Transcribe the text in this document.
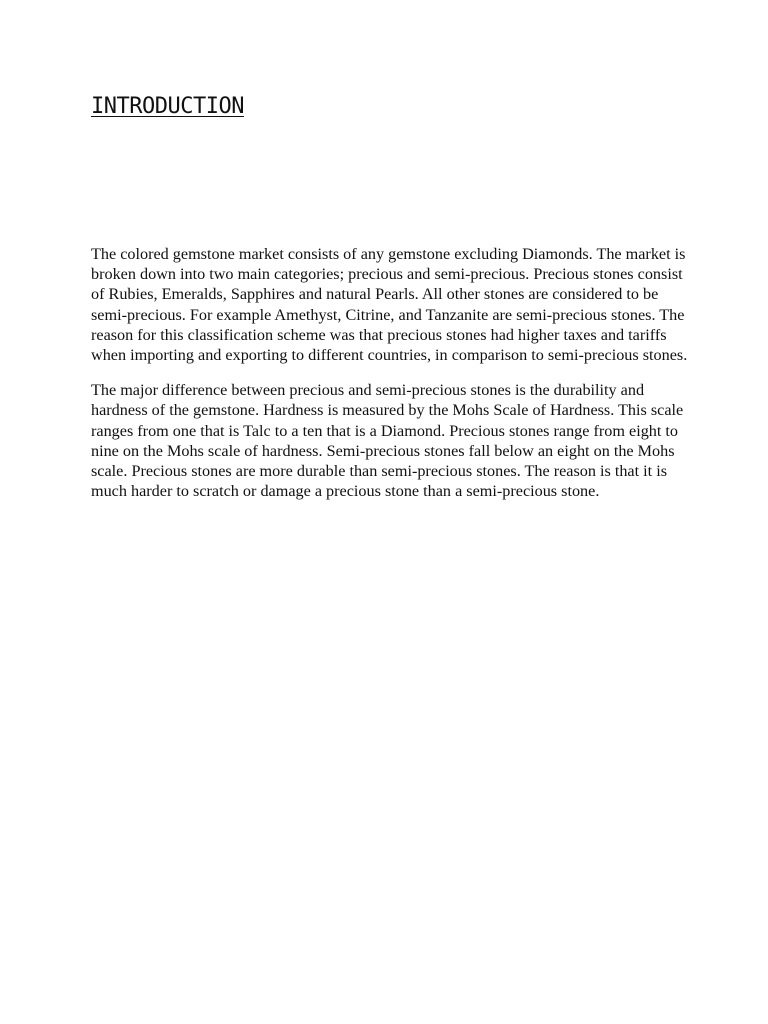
INTRODUCTION

The colored gemstone market consists of any gemstone excluding Diamonds. The market is broken down into two main categories; precious and semi-precious. Precious stones consist of Rubies, Emeralds, Sapphires and natural Pearls. All other stones are considered to be semi-precious. For example Amethyst, Citrine, and Tanzanite are semi-precious stones. The reason for this classification scheme was that precious stones had higher taxes and tariffs when importing and exporting to different countries, in comparison to semi-precious stones.

The major difference between precious and semi-precious stones is the durability and hardness of the gemstone. Hardness is measured by the Mohs Scale of Hardness. This scale ranges from one that is Talc to a ten that is a Diamond. Precious stones range from eight to nine on the Mohs scale of hardness. Semi-precious stones fall below an eight on the Mohs scale. Precious stones are more durable than semi-precious stones. The reason is that it is much harder to scratch or damage a precious stone than a semi-precious stone.
